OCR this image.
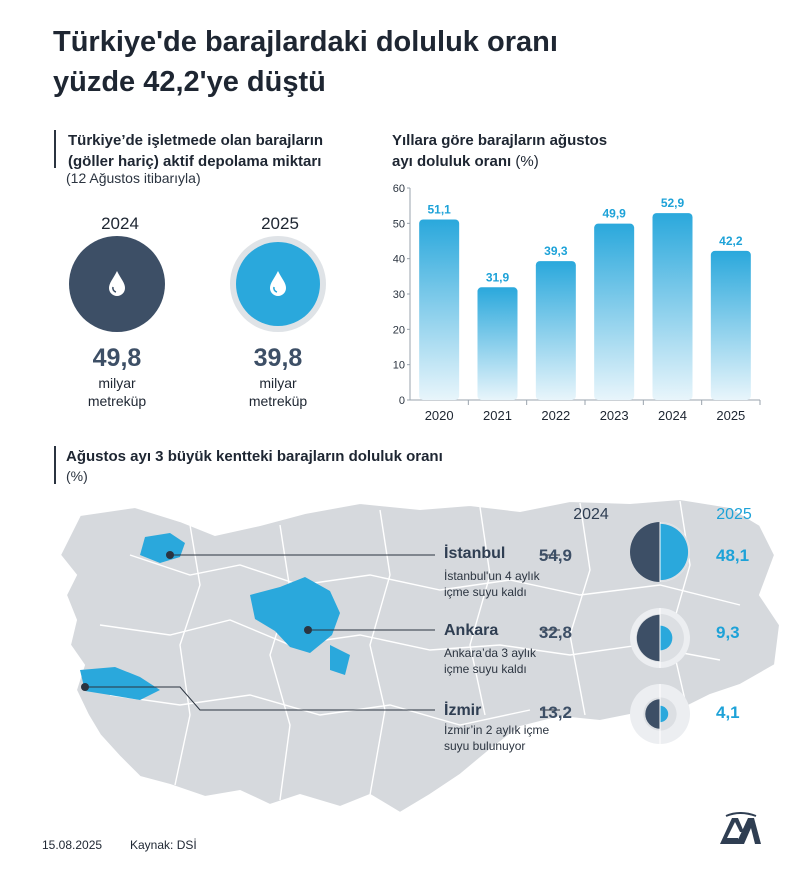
Türkiye'de barajlardaki doluluk oranı
yüzde 42,2'ye düştü
Türkiye’de işletmede olan barajların
(göller hariç) aktif depolama miktarı
(12 Ağustos itibarıyla)
2024	2025
49,8	39,8
milyar
metreküp
milyar
metreküp
Yıllara göre barajların ağustos
ayı doluluk oranı (%)
0
10
20
30
40
50
60
51,1
2020
31,9
2021
39,3
2022
49,9
2023
52,9
2024
42,2
2025
Ağustos ayı 3 büyük kentteki barajların doluluk oranı
(%)
2024	2025
İstanbul
İstanbul'un 4 aylık
içme suyu kaldı
54,9	48,1
Ankara
Ankara’da 3 aylık
içme suyu kaldı
32,8	9,3
İzmir
İzmir’in 2 aylık içme
suyu bulunuyor
13,2	4,1
15.08.2025 Kaynak: DSİ
